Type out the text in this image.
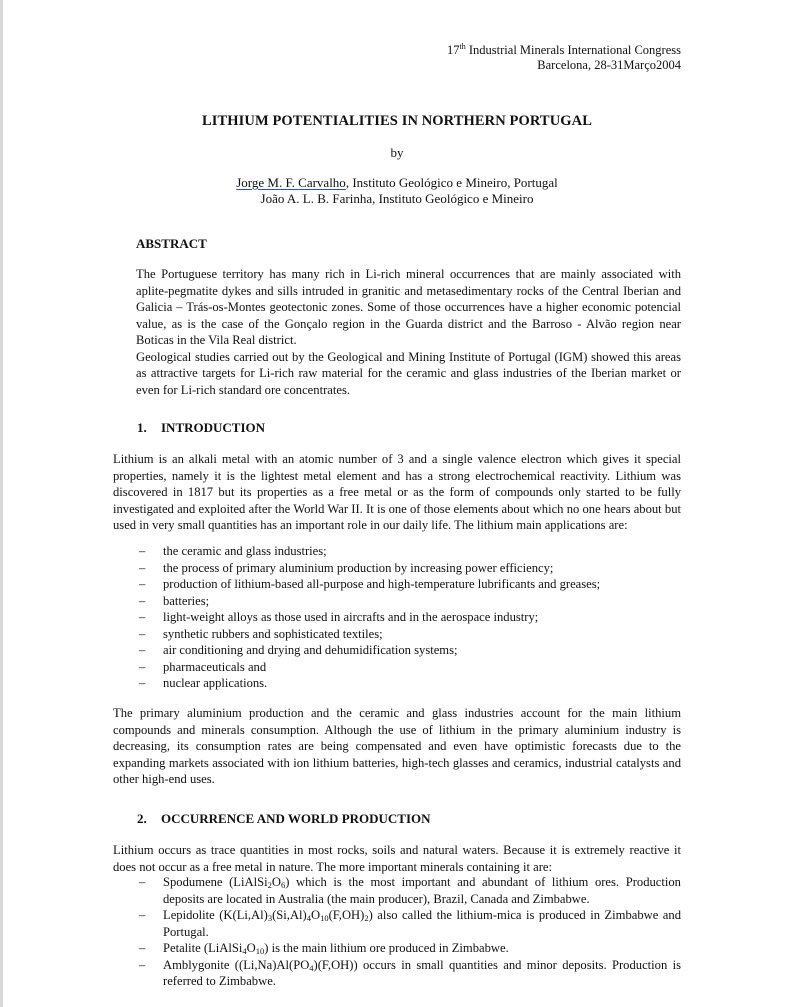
17th Industrial Minerals International Congress
Barcelona, 28-31Março2004
LITHIUM POTENTIALITIES IN NORTHERN PORTUGAL
by
Jorge M. F. Carvalho, Instituto Geológico e Mineiro, Portugal
João A. L. B. Farinha, Instituto Geológico e Mineiro
ABSTRACT
The Portuguese territory has many rich in Li-rich mineral occurrences that are mainly associated with aplite-pegmatite dykes and sills intruded in granitic and metasedimentary rocks of the Central Iberian and Galicia – Trás-os-Montes geotectonic zones. Some of those occurrences have a higher economic potencial value, as is the case of the Gonçalo region in the Guarda district and the Barroso - Alvão region near Boticas in the Vila Real district.
Geological studies carried out by the Geological and Mining Institute of Portugal (IGM) showed this areas as attractive targets for Li-rich raw material for the ceramic and glass industries of the Iberian market or even for Li-rich standard ore concentrates.
1. INTRODUCTION
Lithium is an alkali metal with an atomic number of 3 and a single valence electron which gives it special properties, namely it is the lightest metal element and has a strong electrochemical reactivity. Lithium was discovered in 1817 but its properties as a free metal or as the form of compounds only started to be fully investigated and exploited after the World War II. It is one of those elements about which no one hears about but used in very small quantities has an important role in our daily life. The lithium main applications are:
– the ceramic and glass industries;
– the process of primary aluminium production by increasing power efficiency;
– production of lithium-based all-purpose and high-temperature lubrificants and greases;
– batteries;
– light-weight alloys as those used in aircrafts and in the aerospace industry;
– synthetic rubbers and sophisticated textiles;
– air conditioning and drying and dehumidification systems;
– pharmaceuticals and
– nuclear applications.
The primary aluminium production and the ceramic and glass industries account for the main lithium compounds and minerals consumption. Although the use of lithium in the primary aluminium industry is decreasing, its consumption rates are being compensated and even have optimistic forecasts due to the expanding markets associated with ion lithium batteries, high-tech glasses and ceramics, industrial catalysts and other high-end uses.
2. OCCURRENCE AND WORLD PRODUCTION
Lithium occurs as trace quantities in most rocks, soils and natural waters. Because it is extremely reactive it does not occur as a free metal in nature. The more important minerals containing it are:
– Spodumene $(LiAlSi_2O_6)$ which is the most important and abundant of lithium ores. Production deposits are located in Australia (the main producer), Brazil, Canada and Zimbabwe.
– Lepidolite $(K(Li,Al)_3(Si,Al)_4O_{10}(F,OH)_2)$ also called the lithium-mica is produced in Zimbabwe and Portugal.
– Petalite $(LiAlSi_4O_{10})$ is the main lithium ore produced in Zimbabwe.
– Amblygonite $((Li,Na)Al(PO_4)(F,OH))$ occurs in small quantities and minor deposits. Production is referred to Zimbabwe.
